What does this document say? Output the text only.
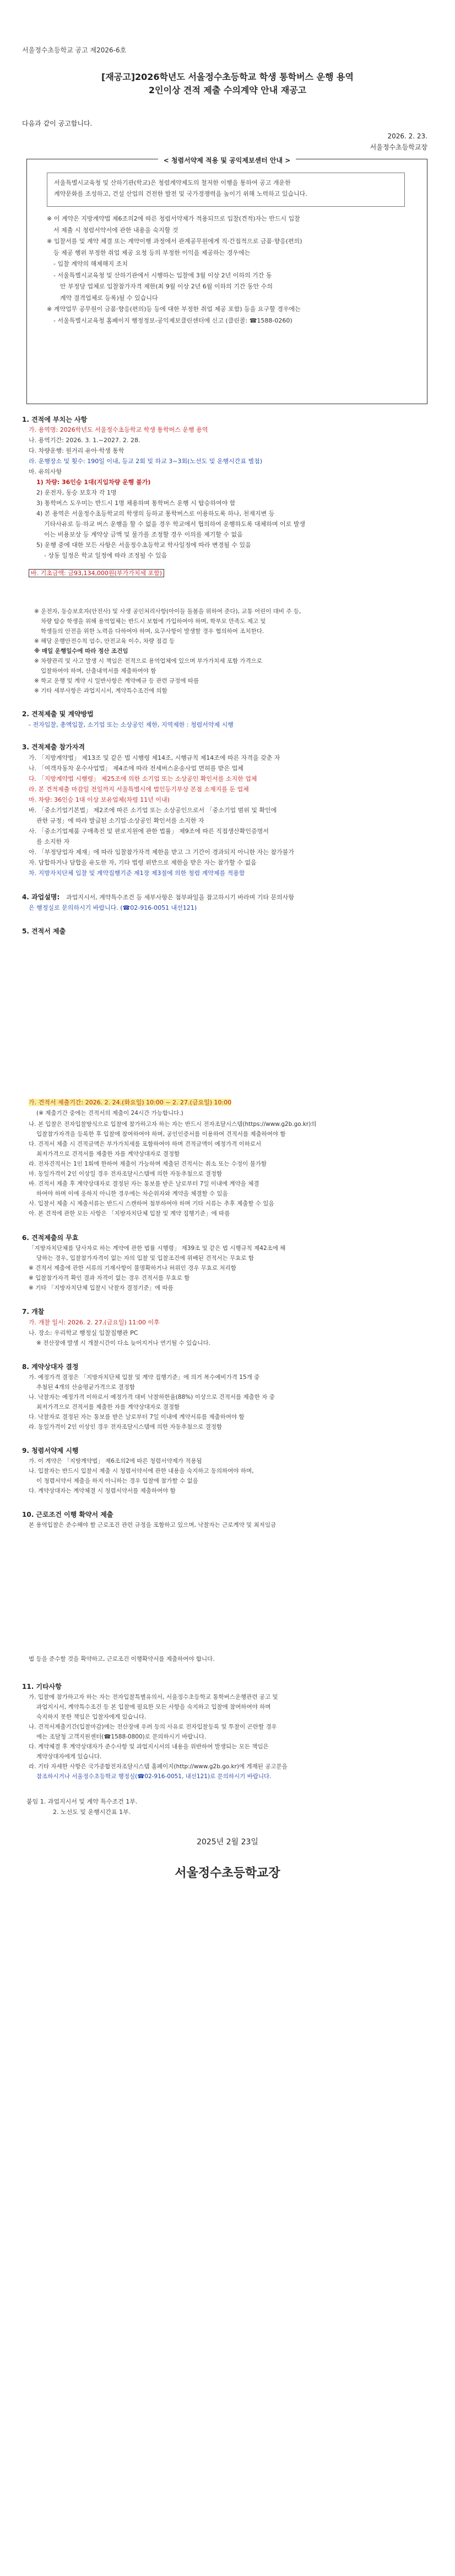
서울정수초등학교 공고 제2026-6호
[재공고]2026학년도 서울정수초등학교 학생 통학버스 운행 용역
2인이상 견적 제출 수의계약 안내 재공고
다음과 같이 공고합니다.
2026. 2. 23.
서울정수초등학교장
< 청렴서약제 적용 및 공익제보센터 안내 >
서울특별시교육청 및 산하기관(학교)은 청렴계약제도의 철저한 이행을 통하여 공고 개운한
계약문화를 조성하고, 건설 산업의 건전한 발전 및 국가경쟁력을 높이기 위해 노력하고 있습니다.

※ 이 계약은 지방계약법 제6조의2에 따른 청렴서약제가 적용되므로 입찰(견적)자는 반드시 입찰

서 제출 시 청렴서약서에 관한 내용을 숙지할 것

※ 입찰서를 및 계약 체결 또는 계약이행 과정에서 관계공무원에게 직·간접적으로 금품·향응(편의)

등 제공 행위 부정한 취업 제공 요청 등의 부정한 이익을 제공하는 경우에는

- 입찰 계약의 해제해지 조치

- 서울특별시교육청 및 산하기관에서 시행하는 입찰에 3월 이상 2년 이하의 기간 동

안 부정당 업체로 입찰참가자격 제한(최 9월 이상 2년 6월 이하의 기간 동안 수의

계약 결격업체로 등록)될 수 있습니다

※ 계약업무 공무원이 금품·향응(편의)등 등에 대한 부정한 취업 제공 포함) 등을 요구할 경우에는

- 서울특별시교육청 홈페이지 행정정보-공익제보클린센터에 신고 (클린콜: ☎1588-0260)

1. 견적에 부치는 사항
가. 용역명: 2026학년도 서울정수초등학교 학생 통학버스 운행 용역
나. 용역기간: 2026. 3. 1.~2027. 2. 28.
다. 차량운행: 원거리 유아·학생 통학
라. 운행장소 및 횟수: 190일 이내, 등교 2회 및 하교 3~3회(노선도 및 운행시간표 별첨)
마. 유의사항
1) 차량: 36인승 1대(지입차량 운행 불가)
2) 운전자, 동승 보호자 각 1명
3) 통학버스 도우미는 반드시 1명 채용하며 통학버스 운행 시 탑승하여야 함
4) 본 용역은 서울정수초등학교의 학생의 등하교 통학버스로 이용하도록 하나, 천재지변 등
기타사유로 등·하교 버스 운행을 할 수 없을 경우 학교에서 협의하여 운행하도록 대체하며 이로 발생
이는 비용보상 등 계약상 금액 및 물가를 조정할 경우 이의를 제기할 수 없음
5) 운행 중에 대한 모든 사항은 서울정수초등학교 학사일정에 따라 변경될 수 있음
- 상동 일정은 학교 일정에 따라 조정될 수 있음
바. 기초금액: 금93,134,000원(부가가치세 포함)
※ 운전자, 동승보호자(안전사) 및 사생 공인처리사항(아이들 돌봄을 위하여 준다), 교통 어린이 대비 주 등,
차량 탑승 학생을 위해 용역업체는 반드시 보험에 가입하여야 하며, 학부모 만족도 제고 및
학생들의 안전을 위한 노력을 다하여야 하며, 요구사항이 발생할 경우 협의하여 조치한다.
※ 해당 운행안전수칙 엄수, 안전교육 이수, 차량 점검 등
※ 매일 운행일수에 따라 정산 조건임
※ 차량관리 및 사고 발생 시 책임은 전적으로 용역업체에 있으며 부가가치세 포함 가격으로
입찰하여야 하며, 산출내역서를 제출하여야 함
※ 학교 운행 및 계약 시 일반사항은 계약예규 등 관련 규정에 따름
※ 기타 세부사항은 과업지시서, 계약특수조건에 의함
2. 견적제출 및 계약방법
- 전자입찰, 총액입찰, 소기업 또는 소상공인 제한, 지역제한 : 청렴서약제 시행
3. 견적제출 참가자격
가. 「지방계약법」 제13조 및 같은 법 시행령 제14조, 시행규칙 제14조에 따른 자격을 갖춘 자
나. 「여객자동차 운수사업법」 제4조에 따라 전세버스운송사업 면허를 받은 업체
다. 「지방계약법 시행령」 제25조에 의한 소기업 또는 소상공인 확인서를 소지한 업체
라. 본 견적제출 마감일 전일까지 서울특별시에 법인등기부상 본점 소재지를 둔 업체
마. 차량: 36인승 1대 이상 보유업체(차령 11년 이내)
바. 「중소기업기본법」 제2조에 따른 소기업 또는 소상공인으로서 「중소기업 범위 및 확인에
관한 규정」에 따라 발급된 소기업·소상공인 확인서를 소지한 자
사. 「중소기업제품 구매촉진 및 판로지원에 관한 법률」 제9조에 따른 직접생산확인증명서
를 소지한 자
아. 「부정당업자 제재」에 따라 입찰참가자격 제한을 받고 그 기간이 경과되지 아니한 자는 참가불가
자. 담합하거나 담합을 유도한 자, 기타 법령 위반으로 제한을 받은 자는 참가할 수 없음
차. 지방자치단체 입찰 및 계약집행기준 제1장 제3절에 의한 청렴 계약제를 적용함
4. 과업설명: 과업지시서, 계약특수조건 등 세부사항은 첨부파일을 참고하시기 바라며 기타 문의사항
은 행정실로 문의하시기 바랍니다. (☎02-916-0051 내선121)
5. 견적서 제출
가. 견적서 제출기간: 2026. 2. 24.(화요일) 10:00 ~ 2. 27.(금요일) 10:00
(※ 제출기간 중에는 견적서의 제출이 24시간 가능합니다.)
나. 본 입찰은 전자입찰방식으로 입찰에 참가하고자 하는 자는 반드시 전자조달시스템(https://www.g2b.go.kr)의
입찰참가자격을 등록한 후 입찰에 참여하여야 하며, 공인인증서를 이용하여 견적서를 제출하여야 함
다. 견적서 제출 시 견적금액은 부가가치세를 포함하여야 하며 견적금액이 예정가격 이하로서
최저가격으로 견적서를 제출한 자를 계약상대자로 결정함
라. 전자견적서는 1인 1회에 한하여 제출이 가능하며 제출된 견적서는 취소 또는 수정이 불가함
마. 동일가격이 2인 이상일 경우 전자조달시스템에 의한 자동추첨으로 결정함
바. 견적서 제출 후 계약상대자로 결정된 자는 통보를 받은 날로부터 7일 이내에 계약을 체결
하여야 하며 이에 응하지 아니한 경우에는 차순위자와 계약을 체결할 수 있음
사. 입찰서 제출 시 제출서류는 반드시 스캔하여 첨부하여야 하며 기타 서류는 추후 제출할 수 있음
아. 본 견적에 관한 모든 사항은 「지방자치단체 입찰 및 계약 집행기준」에 따름
6. 견적제출의 무효
「지방자치단체를 당사자로 하는 계약에 관한 법률 시행령」 제39조 및 같은 법 시행규칙 제42조에 해
당하는 경우, 입찰참가자격이 없는 자의 입찰 및 입찰조건에 위배된 견적서는 무효로 함
※ 견적서 제출에 관한 서류의 기재사항이 불명확하거나 허위인 경우 무효로 처리함
※ 입찰참가자격 확인 결과 자격이 없는 경우 견적서를 무효로 함
※ 기타 「지방자치단체 입찰시 낙찰자 결정기준」에 따름
7. 개찰
가. 개찰 일시: 2026. 2. 27.(금요일) 11:00 이후
나. 장소: 우리학교 행정실 입찰집행관 PC
※ 전산장애 발생 시 개찰시간이 다소 늦어지거나 연기될 수 있습니다.
8. 계약상대자 결정
가. 예정가격 결정은 「지방자치단체 입찰 및 계약 집행기준」에 의거 복수예비가격 15개 중
추첨된 4개의 산술평균가격으로 결정함
나. 낙찰자는 예정가격 이하로서 예정가격 대비 낙찰하한율(88%) 이상으로 견적서를 제출한 자 중
최저가격으로 견적서를 제출한 자를 계약상대자로 결정함
다. 낙찰자로 결정된 자는 통보를 받은 날로부터 7일 이내에 계약서류를 제출하여야 함
라. 동일가격이 2인 이상인 경우 전자조달시스템에 의한 자동추첨으로 결정함
9. 청렴서약제 시행
가. 이 계약은 「지방계약법」 제6조의2에 따른 청렴서약제가 적용됨
나. 입찰자는 반드시 입찰서 제출 시 청렴서약서에 관한 내용을 숙지하고 동의하여야 하며,
이 청렴서약서 제출을 하지 아니하는 경우 입찰에 참가할 수 없음
다. 계약상대자는 계약체결 시 청렴서약서를 제출하여야 함
10. 근로조건 이행 확약서 제출
본 용역입찰은 준수해야 할 근로조건 관련 규정을 포함하고 있으며, 낙찰자는 근로계약 및 최저임금
법 등을 준수할 것을 확약하고, 근로조건 이행확약서를 제출하여야 합니다.
11. 기타사항
가. 입찰에 참가하고자 하는 자는 전자입찰특별유의서, 서울정수초등학교 통학버스운행관련 공고 및
과업지시서, 계약특수조건 등 본 입찰에 필요한 모든 사항을 숙지하고 입찰에 참여하여야 하며
숙지하지 못한 책임은 입찰자에게 있습니다.
나. 견적서제출기간(입찰마감)에는 전산장애 우려 등의 사유로 전자입찰등록 및 투찰이 곤란할 경우
에는 조달청 고객지원센터(☎1588-0800)로 문의하시기 바랍니다.
다. 계약체결 후 계약상대자가 준수사항 및 과업지시서의 내용을 위반하여 발생되는 모든 책임은
계약상대자에게 있습니다.
라. 기타 자세한 사항은 국가종합전자조달시스템 홈페이지(http://www.g2b.go.kr)에 게재된 공고문을
참조하시거나 서울정수초등학교 행정실(☎02-916-0051, 내선121)로 문의하시기 바랍니다.
붙임 1. 과업지시서 및 계약 특수조건 1부.
2. 노선도 및 운행시간표 1부.
2025년 2월 23일
서울정수초등학교장
